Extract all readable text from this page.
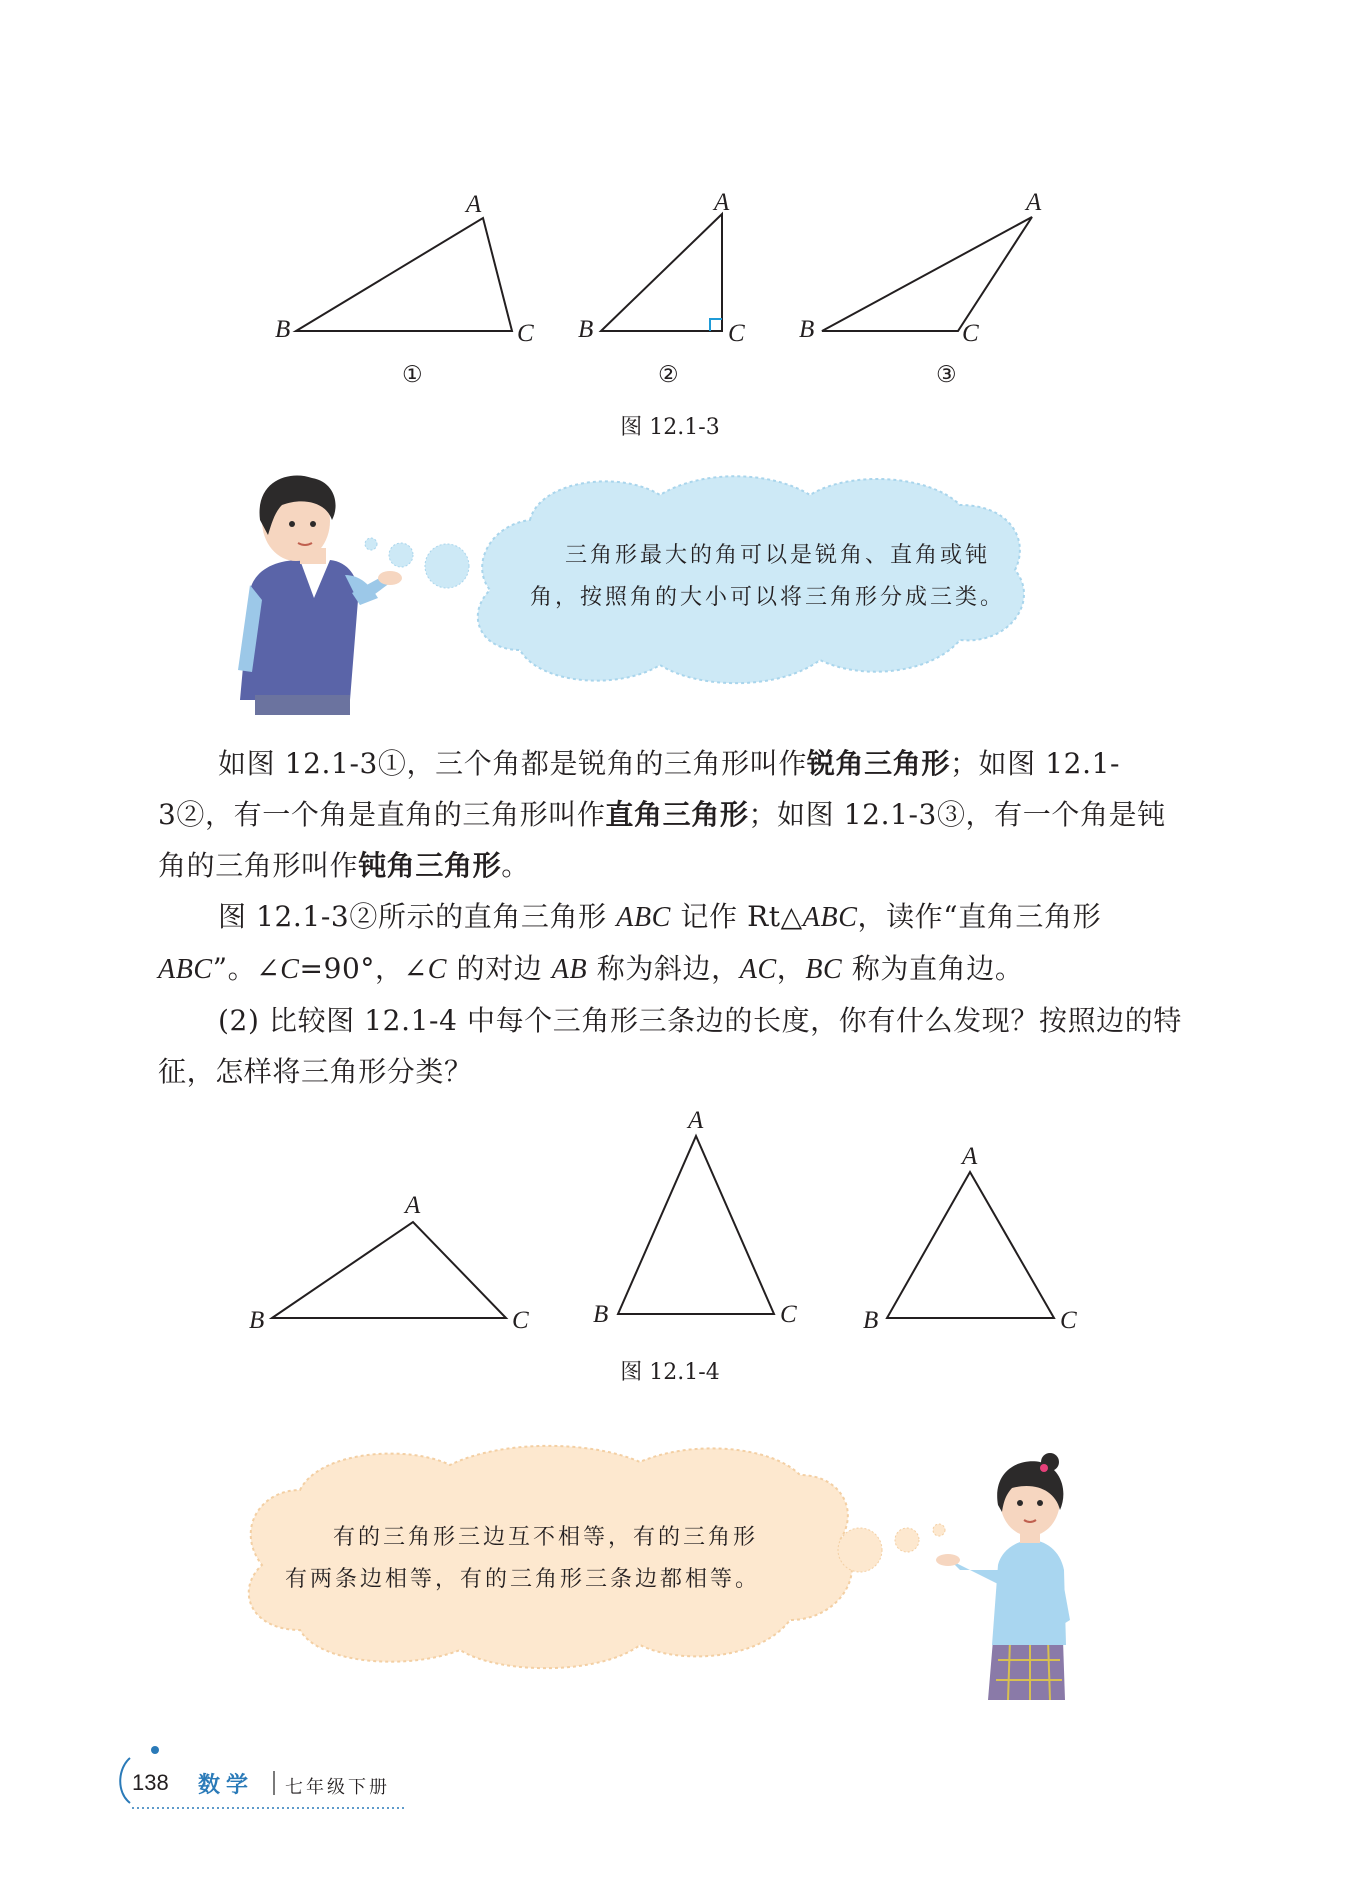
A
B	C
①
A
B	C
②
A
B	C
③
图 12.1-3
三角形最大的角可以是锐角、直角或钝
角，按照角的大小可以将三角形分成三类。

如图 12.1-3①，三个角都是锐角的三角形叫作锐角三角形；如图 12.1-3②，有一个角是直角的三角形叫作直角三角形；如图 12.1-3③，有一个角是钝角的三角形叫作钝角三角形。

图 12.1-3②所示的直角三角形 ABC 记作 Rt△ABC，读作“直角三角形 ABC”。∠C=90°，∠C 的对边 AB 称为斜边，AC，BC 称为直角边。

(2) 比较图 12.1-4 中每个三角形三条边的长度，你有什么发现？按照边的特征，怎样将三角形分类？

A
B	C
A
B	C
A
B	C
图 12.1-4
有的三角形三边互不相等，有的三角形
有两条边相等，有的三角形三条边都相等。
138 数学 七年级下册
